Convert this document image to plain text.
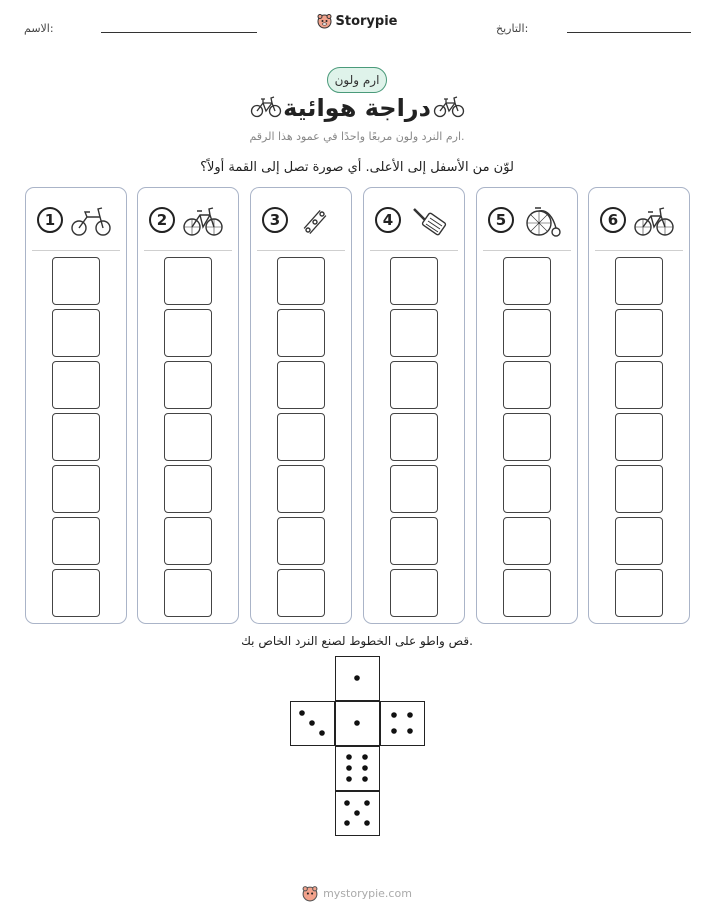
الاسم:	التاريخ:
Storypie
ارم ولون
دراجة هوائية
ارم النرد ولون مربعًا واحدًا في عمود هذا الرقم.
لوّن من الأسفل إلى الأعلى. أي صورة تصل إلى القمة أولاً؟
1	2	3	4	5	6
قص واطو على الخطوط لصنع النرد الخاص بك.
mystorypie.com
